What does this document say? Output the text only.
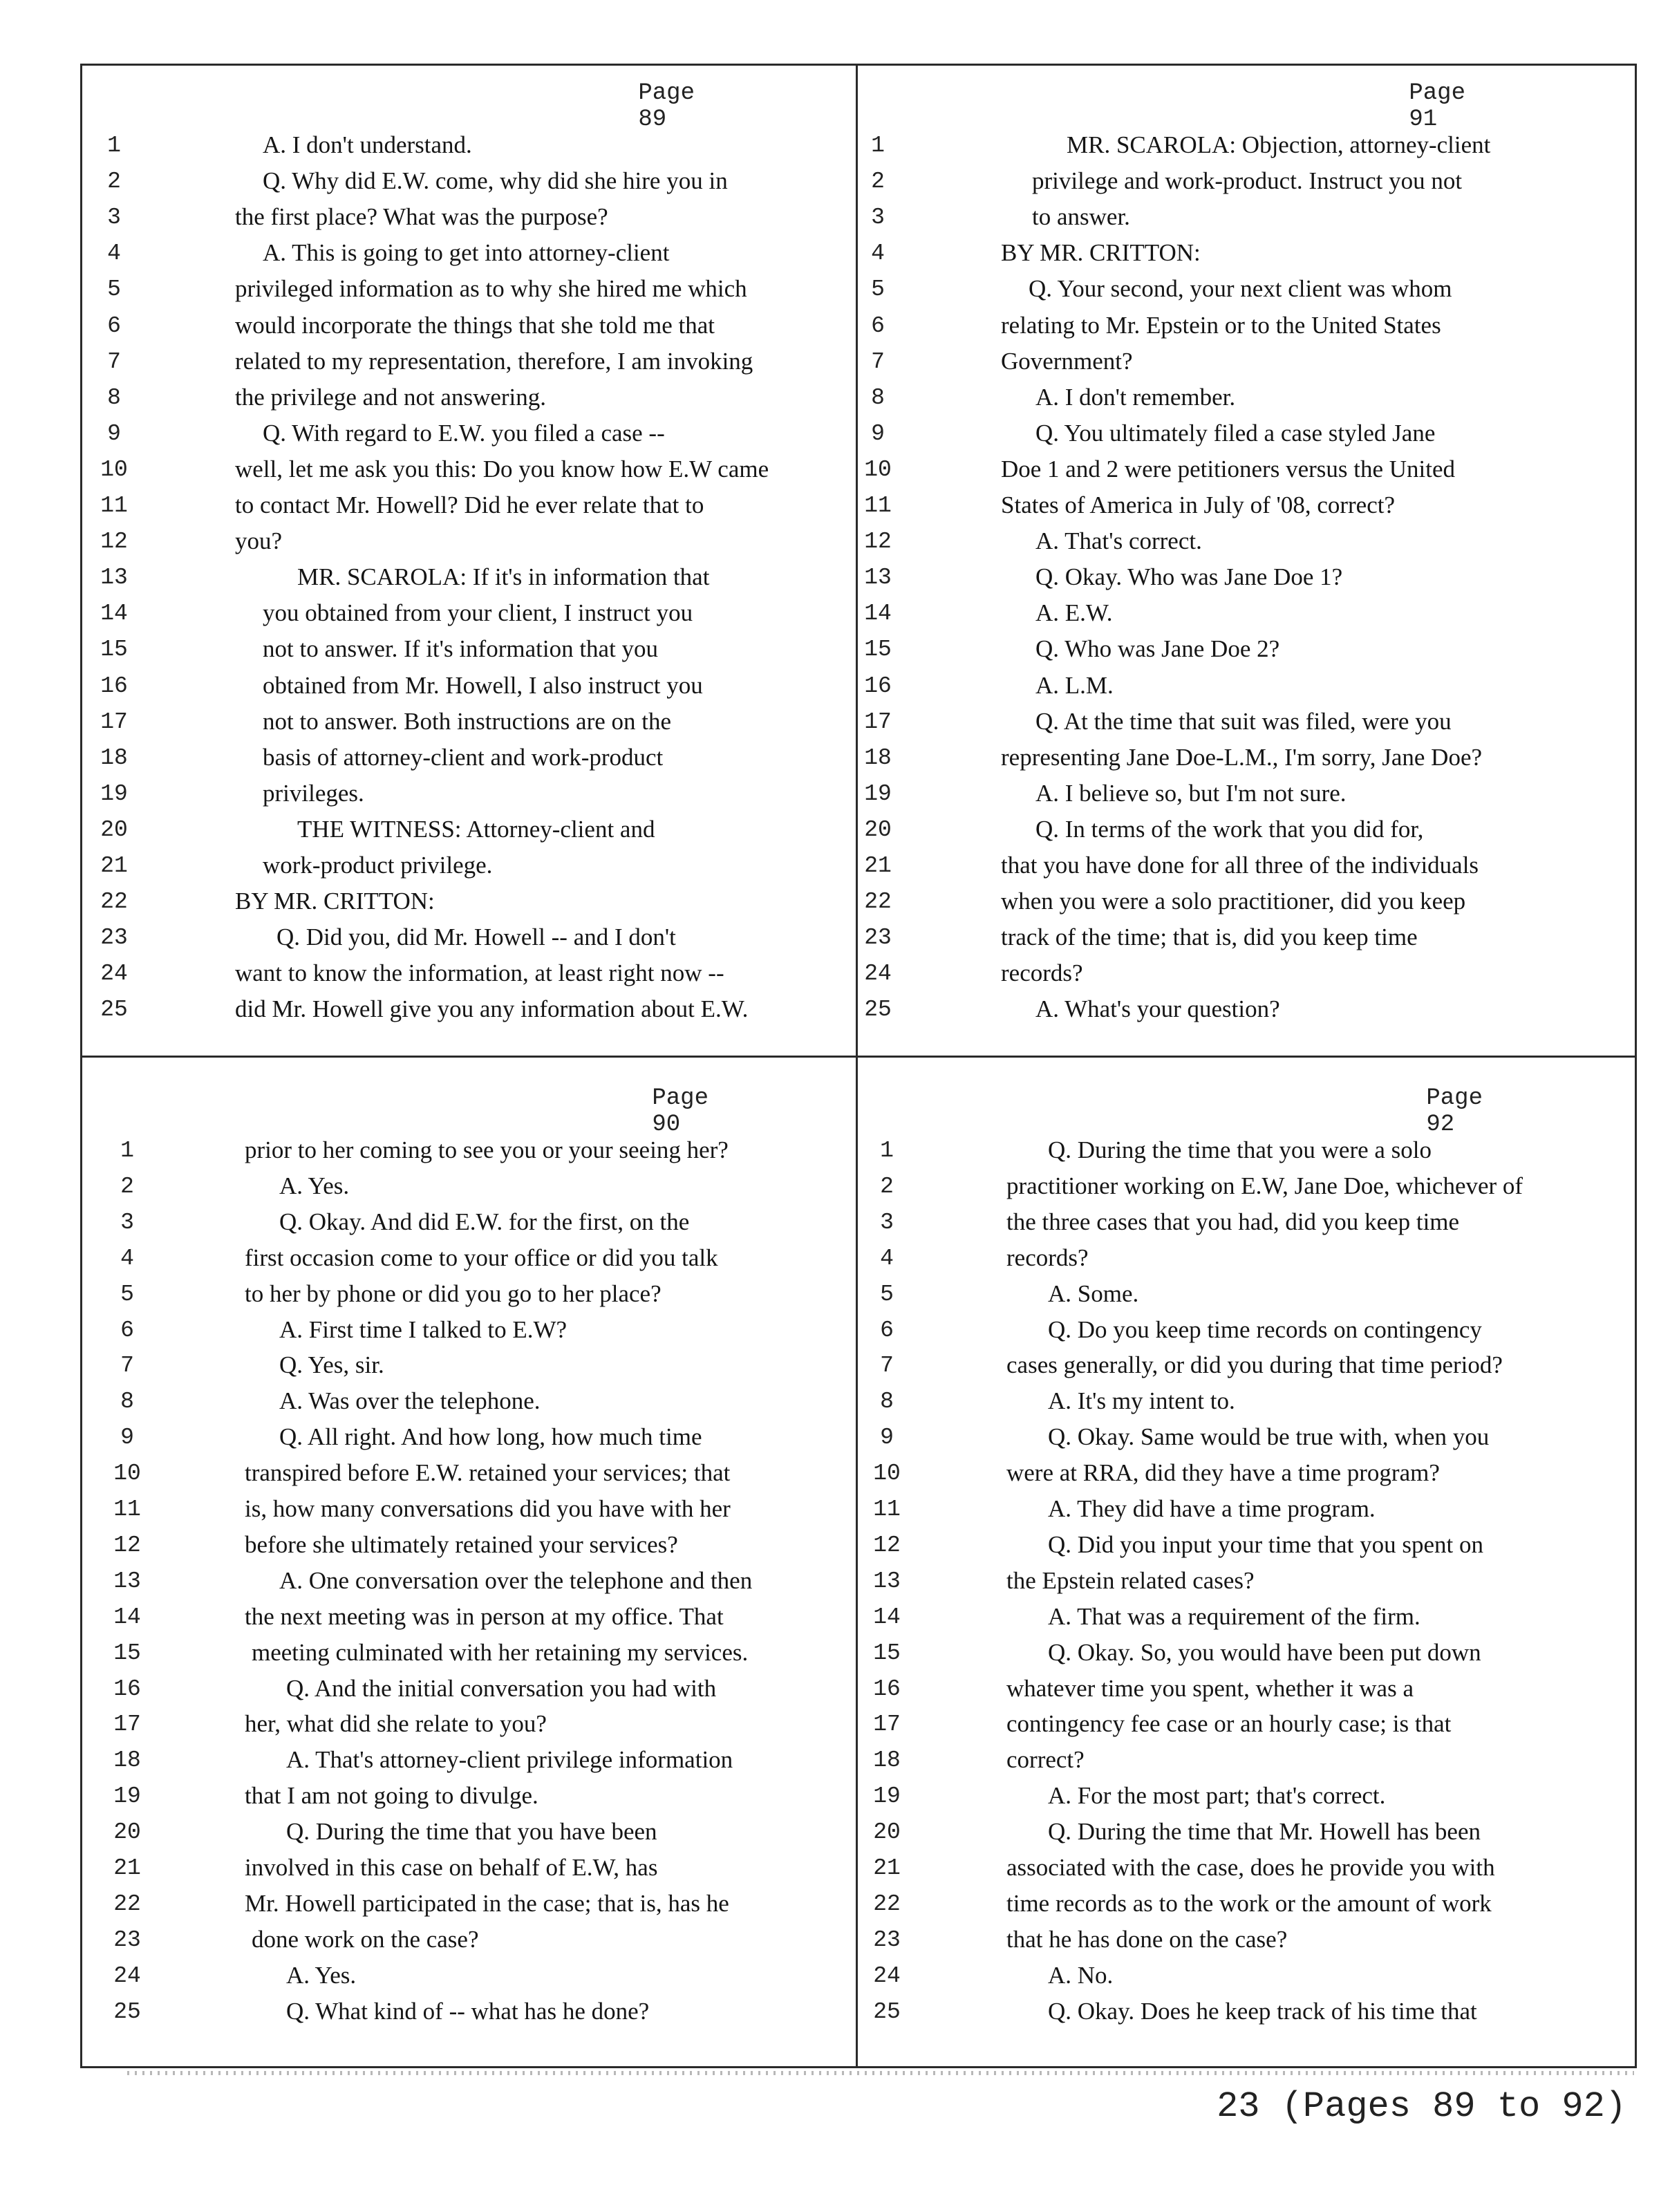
Page 89
1	A. I don't understand.
2	Q. Why did E.W. come, why did she hire you in
3	the first place? What was the purpose?
4	A. This is going to get into attorney-client
5	privileged information as to why she hired me which
6	would incorporate the things that she told me that
7	related to my representation, therefore, I am invoking
8	the privilege and not answering.
9	Q. With regard to E.W. you filed a case --
10	well, let me ask you this: Do you know how E.W came
11	to contact Mr. Howell? Did he ever relate that to
12	you?
13	MR. SCAROLA: If it's in information that
14	you obtained from your client, I instruct you
15	not to answer. If it's information that you
16	obtained from Mr. Howell, I also instruct you
17	not to answer. Both instructions are on the
18	basis of attorney-client and work-product
19	privileges.
20	THE WITNESS: Attorney-client and
21	work-product privilege.
22	BY MR. CRITTON:
23	Q. Did you, did Mr. Howell -- and I don't
24	want to know the information, at least right now --
25	did Mr. Howell give you any information about E.W.
Page 91
1	MR. SCAROLA: Objection, attorney-client
2	privilege and work-product. Instruct you not
3	to answer.
4	BY MR. CRITTON:
5	Q. Your second, your next client was whom
6	relating to Mr. Epstein or to the United States
7	Government?
8	A. I don't remember.
9	Q. You ultimately filed a case styled Jane
10	Doe 1 and 2 were petitioners versus the United
11	States of America in July of '08, correct?
12	A. That's correct.
13	Q. Okay. Who was Jane Doe 1?
14	A. E.W.
15	Q. Who was Jane Doe 2?
16	A. L.M.
17	Q. At the time that suit was filed, were you
18	representing Jane Doe-L.M., I'm sorry, Jane Doe?
19	A. I believe so, but I'm not sure.
20	Q. In terms of the work that you did for,
21	that you have done for all three of the individuals
22	when you were a solo practitioner, did you keep
23	track of the time; that is, did you keep time
24	records?
25	A. What's your question?
Page 90
1	prior to her coming to see you or your seeing her?
2	A. Yes.
3	Q. Okay. And did E.W. for the first, on the
4	first occasion come to your office or did you talk
5	to her by phone or did you go to her place?
6	A. First time I talked to E.W?
7	Q. Yes, sir.
8	A. Was over the telephone.
9	Q. All right. And how long, how much time
10	transpired before E.W. retained your services; that
11	is, how many conversations did you have with her
12	before she ultimately retained your services?
13	A. One conversation over the telephone and then
14	the next meeting was in person at my office. That
15	meeting culminated with her retaining my services.
16	Q. And the initial conversation you had with
17	her, what did she relate to you?
18	A. That's attorney-client privilege information
19	that I am not going to divulge.
20	Q. During the time that you have been
21	involved in this case on behalf of E.W, has
22	Mr. Howell participated in the case; that is, has he
23	done work on the case?
24	A. Yes.
25	Q. What kind of -- what has he done?
Page 92
1	Q. During the time that you were a solo
2	practitioner working on E.W, Jane Doe, whichever of
3	the three cases that you had, did you keep time
4	records?
5	A. Some.
6	Q. Do you keep time records on contingency
7	cases generally, or did you during that time period?
8	A. It's my intent to.
9	Q. Okay. Same would be true with, when you
10	were at RRA, did they have a time program?
11	A. They did have a time program.
12	Q. Did you input your time that you spent on
13	the Epstein related cases?
14	A. That was a requirement of the firm.
15	Q. Okay. So, you would have been put down
16	whatever time you spent, whether it was a
17	contingency fee case or an hourly case; is that
18	correct?
19	A. For the most part; that's correct.
20	Q. During the time that Mr. Howell has been
21	associated with the case, does he provide you with
22	time records as to the work or the amount of work
23	that he has done on the case?
24	A. No.
25	Q. Okay. Does he keep track of his time that
23 (Pages 89 to 92)
